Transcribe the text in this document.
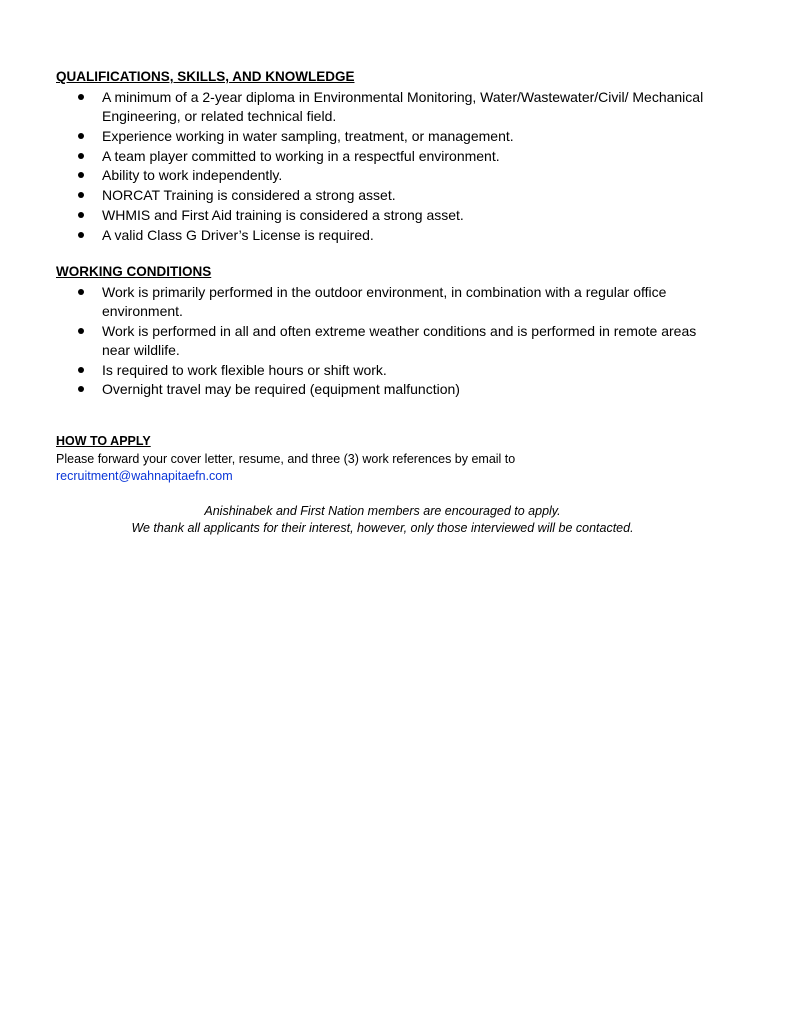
QUALIFICATIONS, SKILLS, AND KNOWLEDGE
A minimum of a 2-year diploma in Environmental Monitoring, Water/Wastewater/Civil/ Mechanical Engineering, or related technical field.
Experience working in water sampling, treatment, or management.
A team player committed to working in a respectful environment.
Ability to work independently.
NORCAT Training is considered a strong asset.
WHMIS and First Aid training is considered a strong asset.
A valid Class G Driver’s License is required.
WORKING CONDITIONS
Work is primarily performed in the outdoor environment, in combination with a regular office environment.
Work is performed in all and often extreme weather conditions and is performed in remote areas near wildlife.
Is required to work flexible hours or shift work.
Overnight travel may be required (equipment malfunction)
HOW TO APPLY

Please forward your cover letter, resume, and three (3) work references by email to

recruitment@wahnapitaefn.com

Anishinabek and First Nation members are encouraged to apply.

We thank all applicants for their interest, however, only those interviewed will be contacted.
